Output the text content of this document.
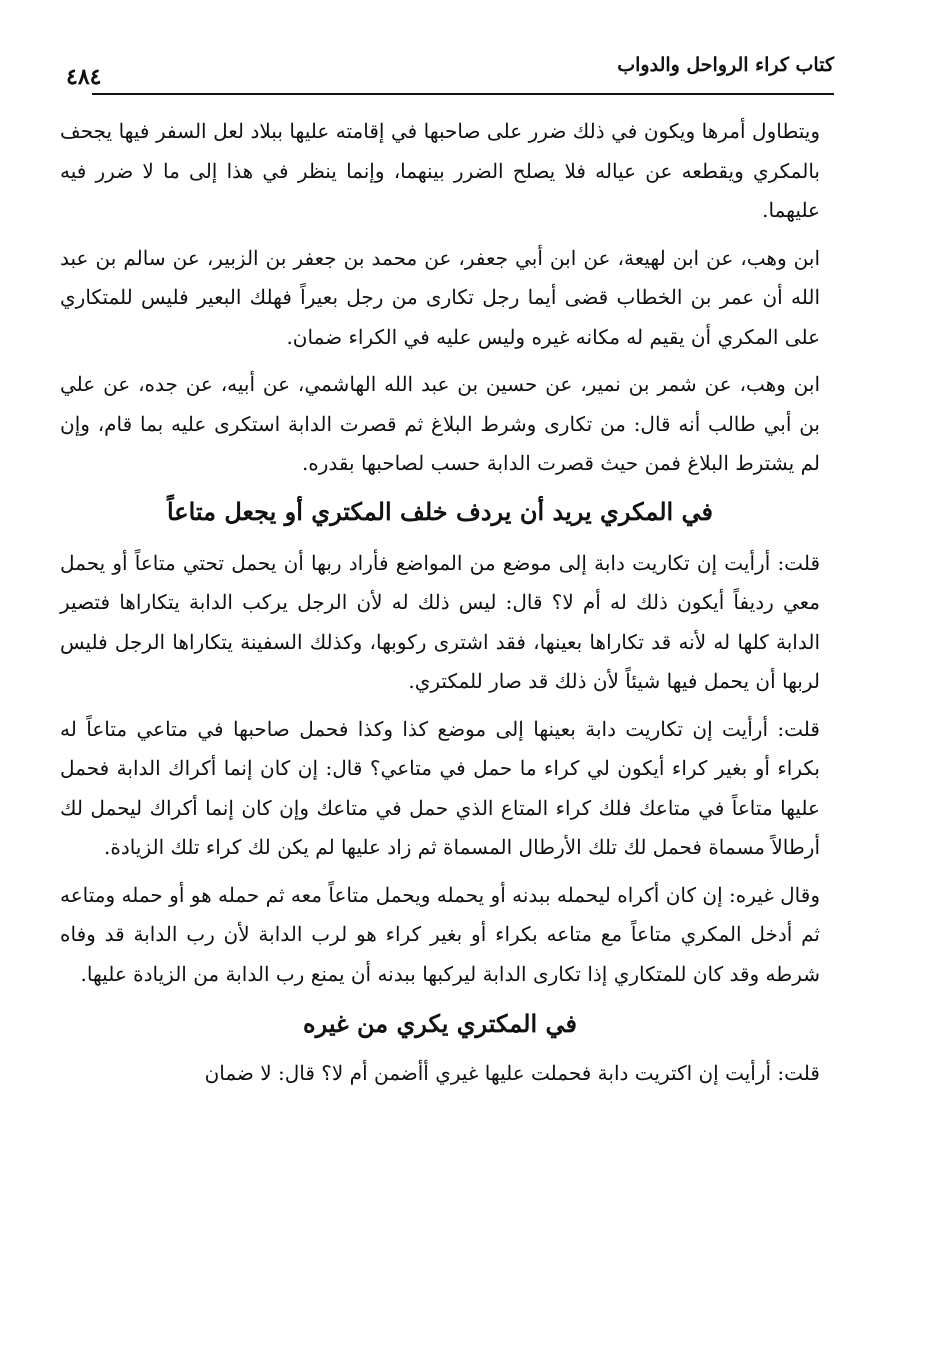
كتاب كراء الرواحل والدواب
٤٨٤

ويتطاول أمرها ويكون في ذلك ضرر على صاحبها في إقامته عليها ببلاد لعل السفر فيها يجحف بالمكري ويقطعه عن عياله فلا يصلح الضرر بينهما، وإنما ينظر في هذا إلى ما لا ضرر فيه عليهما.

ابن وهب، عن ابن لهيعة، عن ابن أبي جعفر، عن محمد بن جعفر بن الزبير، عن سالم بن عبد الله أن عمر بن الخطاب قضى أيما رجل تكارى من رجل بعيراً فهلك البعير فليس للمتكاري على المكري أن يقيم له مكانه غيره وليس عليه في الكراء ضمان.

ابن وهب، عن شمر بن نمير، عن حسين بن عبد الله الهاشمي، عن أبيه، عن جده، عن علي بن أبي طالب أنه قال: من تكارى وشرط البلاغ ثم قصرت الدابة استكرى عليه بما قام، وإن لم يشترط البلاغ فمن حيث قصرت الدابة حسب لصاحبها بقدره.

في المكري يريد أن يردف خلف المكتري أو يجعل متاعاً

قلت: أرأيت إن تكاريت دابة إلى موضع من المواضع فأراد ربها أن يحمل تحتي متاعاً أو يحمل معي رديفاً أيكون ذلك له أم لا؟ قال: ليس ذلك له لأن الرجل يركب الدابة يتكاراها فتصير الدابة كلها له لأنه قد تكاراها بعينها، فقد اشترى ركوبها، وكذلك السفينة يتكاراها الرجل فليس لربها أن يحمل فيها شيئاً لأن ذلك قد صار للمكتري.

قلت: أرأيت إن تكاريت دابة بعينها إلى موضع كذا وكذا فحمل صاحبها في متاعي متاعاً له بكراء أو بغير كراء أيكون لي كراء ما حمل في متاعي؟ قال: إن كان إنما أكراك الدابة فحمل عليها متاعاً في متاعك فلك كراء المتاع الذي حمل في متاعك وإن كان إنما أكراك ليحمل لك أرطالاً مسماة فحمل لك تلك الأرطال المسماة ثم زاد عليها لم يكن لك كراء تلك الزيادة.

وقال غيره: إن كان أكراه ليحمله ببدنه أو يحمله ويحمل متاعاً معه ثم حمله هو أو حمله ومتاعه ثم أدخل المكري متاعاً مع متاعه بكراء أو بغير كراء هو لرب الدابة لأن رب الدابة قد وفاه شرطه وقد كان للمتكاري إذا تكارى الدابة ليركبها ببدنه أن يمنع رب الدابة من الزيادة عليها.

في المكتري يكري من غيره

قلت: أرأيت إن اكتريت دابة فحملت عليها غيري أأضمن أم لا؟ قال: لا ضمان
